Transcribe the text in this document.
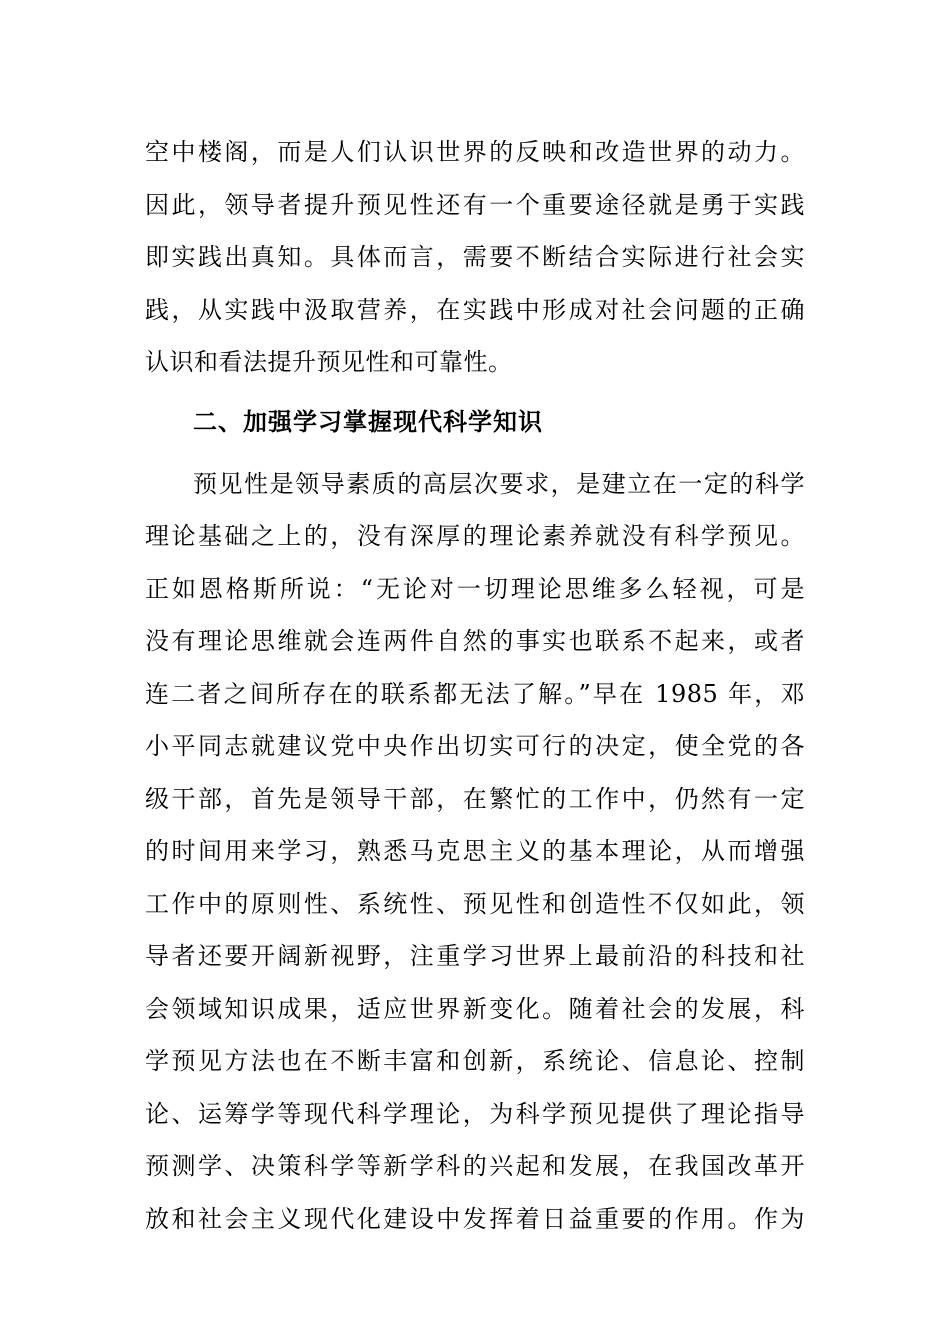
空中楼阁，而是人们认识世界的反映和改造世界的动力。
因此，领导者提升预见性还有一个重要途径就是勇于实践
即实践出真知。具体而言，需要不断结合实际进行社会实
践，从实践中汲取营养，在实践中形成对社会问题的正确
认识和看法提升预见性和可靠性。
二、加强学习掌握现代科学知识
预见性是领导素质的高层次要求，是建立在一定的科学
理论基础之上的，没有深厚的理论素养就没有科学预见。
正如恩格斯所说：“无论对一切理论思维多么轻视，可是
没有理论思维就会连两件自然的事实也联系不起来，或者
连二者之间所存在的联系都无法了解。”早在 1985 年，邓
小平同志就建议党中央作出切实可行的决定，使全党的各
级干部，首先是领导干部，在繁忙的工作中，仍然有一定
的时间用来学习，熟悉马克思主义的基本理论，从而增强
工作中的原则性、系统性、预见性和创造性不仅如此，领
导者还要开阔新视野，注重学习世界上最前沿的科技和社
会领域知识成果，适应世界新变化。随着社会的发展，科
学预见方法也在不断丰富和创新，系统论、信息论、控制
论、运筹学等现代科学理论，为科学预见提供了理论指导
预测学、决策科学等新学科的兴起和发展，在我国改革开
放和社会主义现代化建设中发挥着日益重要的作用。作为
